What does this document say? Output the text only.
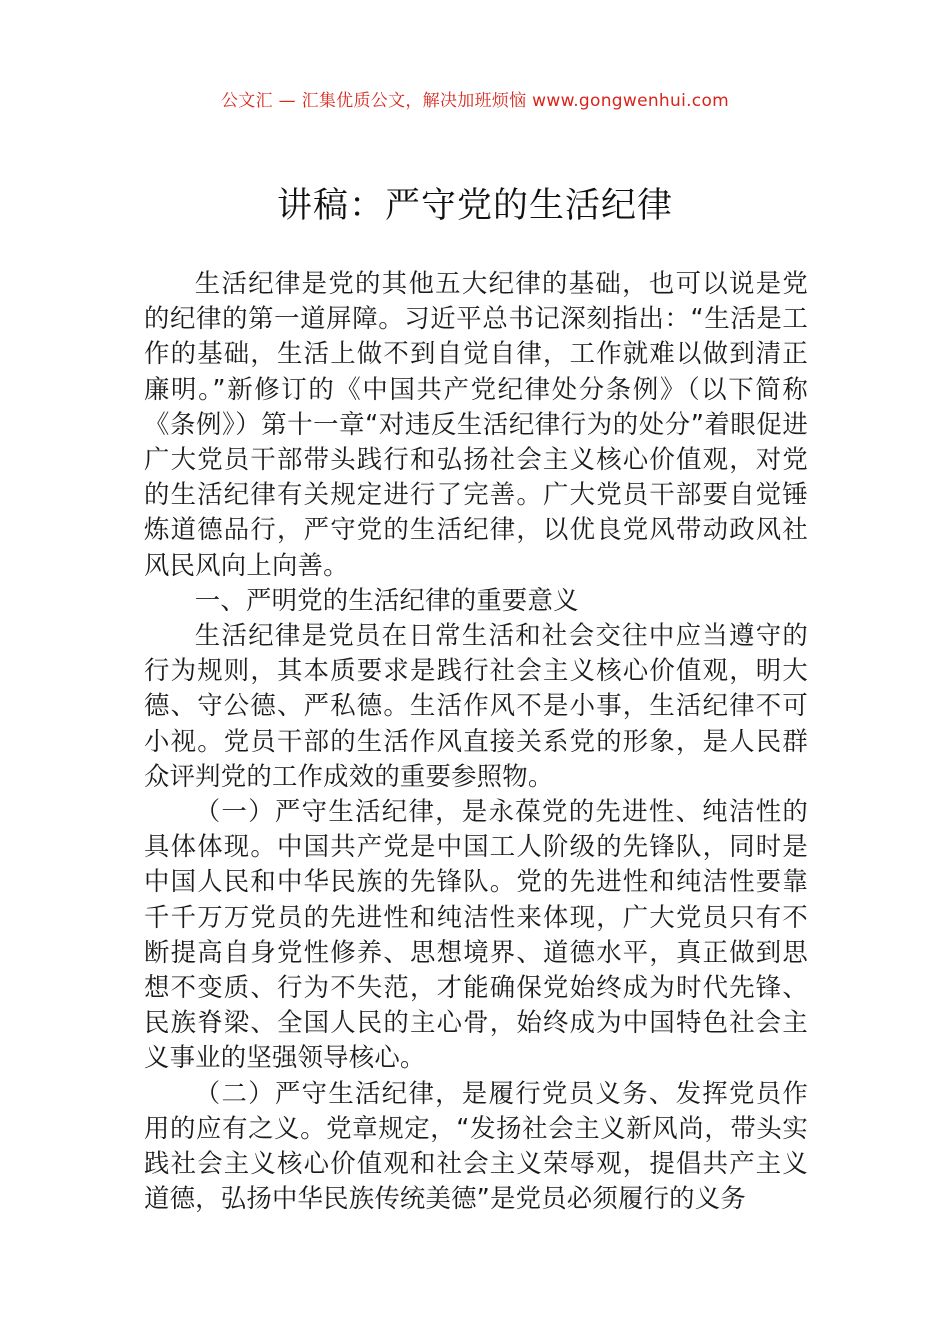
公文汇 — 汇集优质公文，解决加班烦恼 www.gongwenhui.com
讲稿：严守党的生活纪律

生活纪律是党的其他五大纪律的基础，也可以说是党的纪律的第一道屏障。习近平总书记深刻指出：“生活是工作的基础，生活上做不到自觉自律，工作就难以做到清正廉明。”新修订的《中国共产党纪律处分条例》（以下简称《条例》）第十一章“对违反生活纪律行为的处分”着眼促进广大党员干部带头践行和弘扬社会主义核心价值观，对党的生活纪律有关规定进行了完善。广大党员干部要自觉锤炼道德品行，严守党的生活纪律，以优良党风带动政风社风民风向上向善。

一、严明党的生活纪律的重要意义

生活纪律是党员在日常生活和社会交往中应当遵守的行为规则，其本质要求是践行社会主义核心价值观，明大德、守公德、严私德。生活作风不是小事，生活纪律不可小视。党员干部的生活作风直接关系党的形象，是人民群众评判党的工作成效的重要参照物。

（一）严守生活纪律，是永葆党的先进性、纯洁性的具体体现。中国共产党是中国工人阶级的先锋队，同时是中国人民和中华民族的先锋队。党的先进性和纯洁性要靠千千万万党员的先进性和纯洁性来体现，广大党员只有不断提高自身党性修养、思想境界、道德水平，真正做到思想不变质、行为不失范，才能确保党始终成为时代先锋、民族脊梁、全国人民的主心骨，始终成为中国特色社会主义事业的坚强领导核心。

（二）严守生活纪律，是履行党员义务、发挥党员作用的应有之义。党章规定，“发扬社会主义新风尚，带头实践社会主义核心价值观和社会主义荣辱观，提倡共产主义道德，弘扬中华民族传统美德”是党员必须履行的义务
